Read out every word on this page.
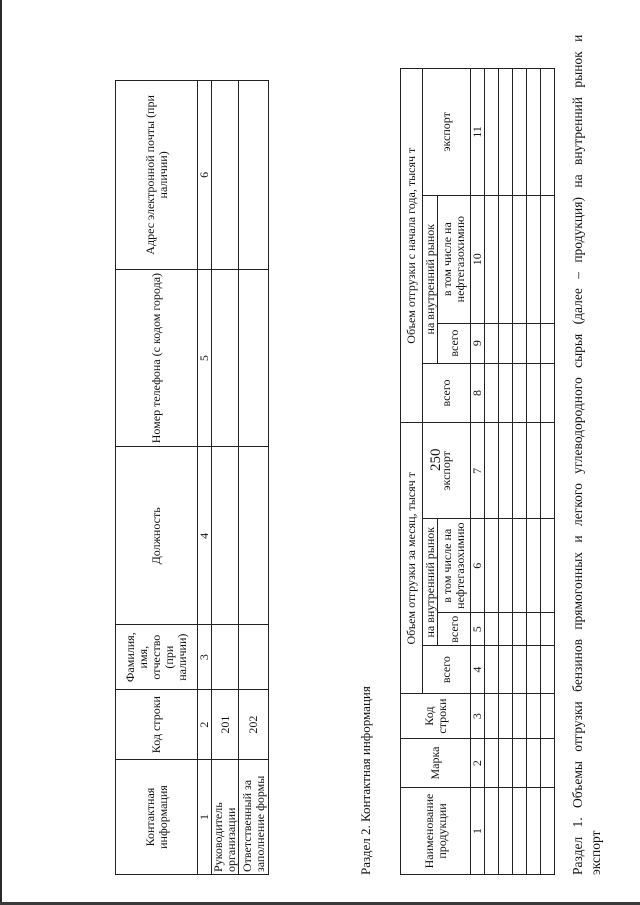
Раздел 1. Объемы отгрузки бензинов прямогонных и легкого углеводородного сырья (далее – продукция) на внутренний рынок и экспорт
250
Наименование продукции	Марка	Код строки	Объем отгрузки за месяц, тысяч т				Объем отгрузки с начала года, тысяч т			
			всего	на внутренний рынок		экспорт	всего	на внутренний рынок		экспорт
				всего	в том числе на нефтегазохимию			всего	в том числе на нефтегазохимию	
1	2	3	4	5	6	7	8	9	10	11

Раздел 2. Контактная информация
Контактная информация	Код строки	Фамилия, имя, отчество (при наличии)	Должность	Номер телефона (с кодом города)	Адрес электронной почты (при наличии)
1	2	3	4	5	6
Руководитель организации	201				
Ответственный за заполнение формы	202				
